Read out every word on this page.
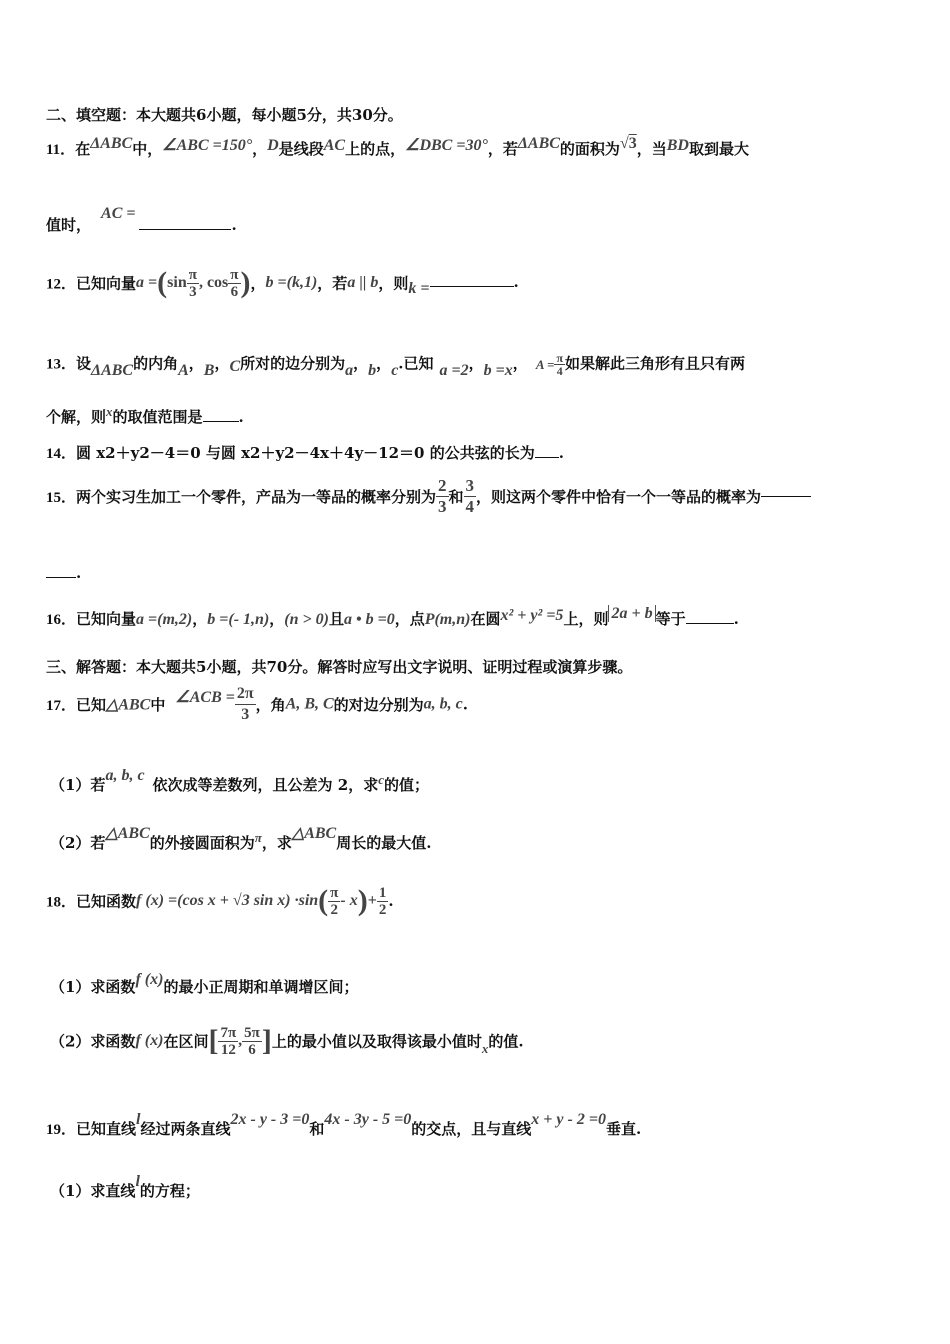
二、填空题：本大题共6小题，每小题5分，共30分。
11．在ΔABC中，∠ABC =150°，D是线段AC上的点，∠DBC =30°，若ΔABC的面积为√3，当BD取到最大
值时，AC =.
12．已知向量$a =(\sin \frac{\pi}{3}$ , $\cos \frac{\pi}{6}$ )，b =(k,1)，若a || b，则k =	.
13．设ΔABC的内角A，B，C所对的边分别为a，b，c.已知 a =2，b =x， $A = \frac{\pi}{4}$ 如果解此三角形有且只有两
个解，则x的取值范围是 .
14．圆 x2＋y2－4＝0 与圆 x2＋y2－4x＋4y－12＝0 的公共弦的长为 .
15．两个实习生加工一个零件，产品为一等品的概率分别为 $\frac{2}{3}$ 和 $\frac{3}{4}$ ，则这两个零件中恰有一个一等品的概率为
.
16．已知向量a =(m,2)，b =(- 1,n)，(n > 0)且a • b =0，点P(m,n)在圆x² + y² =5上，则 2a + b 等于	.
三、解答题：本大题共5小题，共70分。解答时应写出文字说明、证明过程或演算步骤。
17．已知△ABC中 ∠ACB = $\frac{2\pi}{3}$ ，角A, B, C的对边分别为a, b, c.
（1）若a, b, c依次成等差数列，且公差为 2，求c的值；
（2）若△ABC的外接圆面积为π，求△ABC周长的最大值.
18．已知函数f (x) =(cos x + √3 $\sin x) \cdot\sin( \frac{\pi}{2} - x)+ \frac{1}{2}$ .
（1）求函数f (x)的最小正周期和单调增区间；
（2）求函数f (x)在区间[ $\frac{7\pi}{12}$ , $\frac{5\pi}{6}$ ]上的最小值以及取得该最小值时x的值.
19．已知直线l经过两条直线2x - y - 3 =0和4x - 3y - 5 =0的交点，且与直线x + y - 2 =0垂直.
（1）求直线l的方程；
